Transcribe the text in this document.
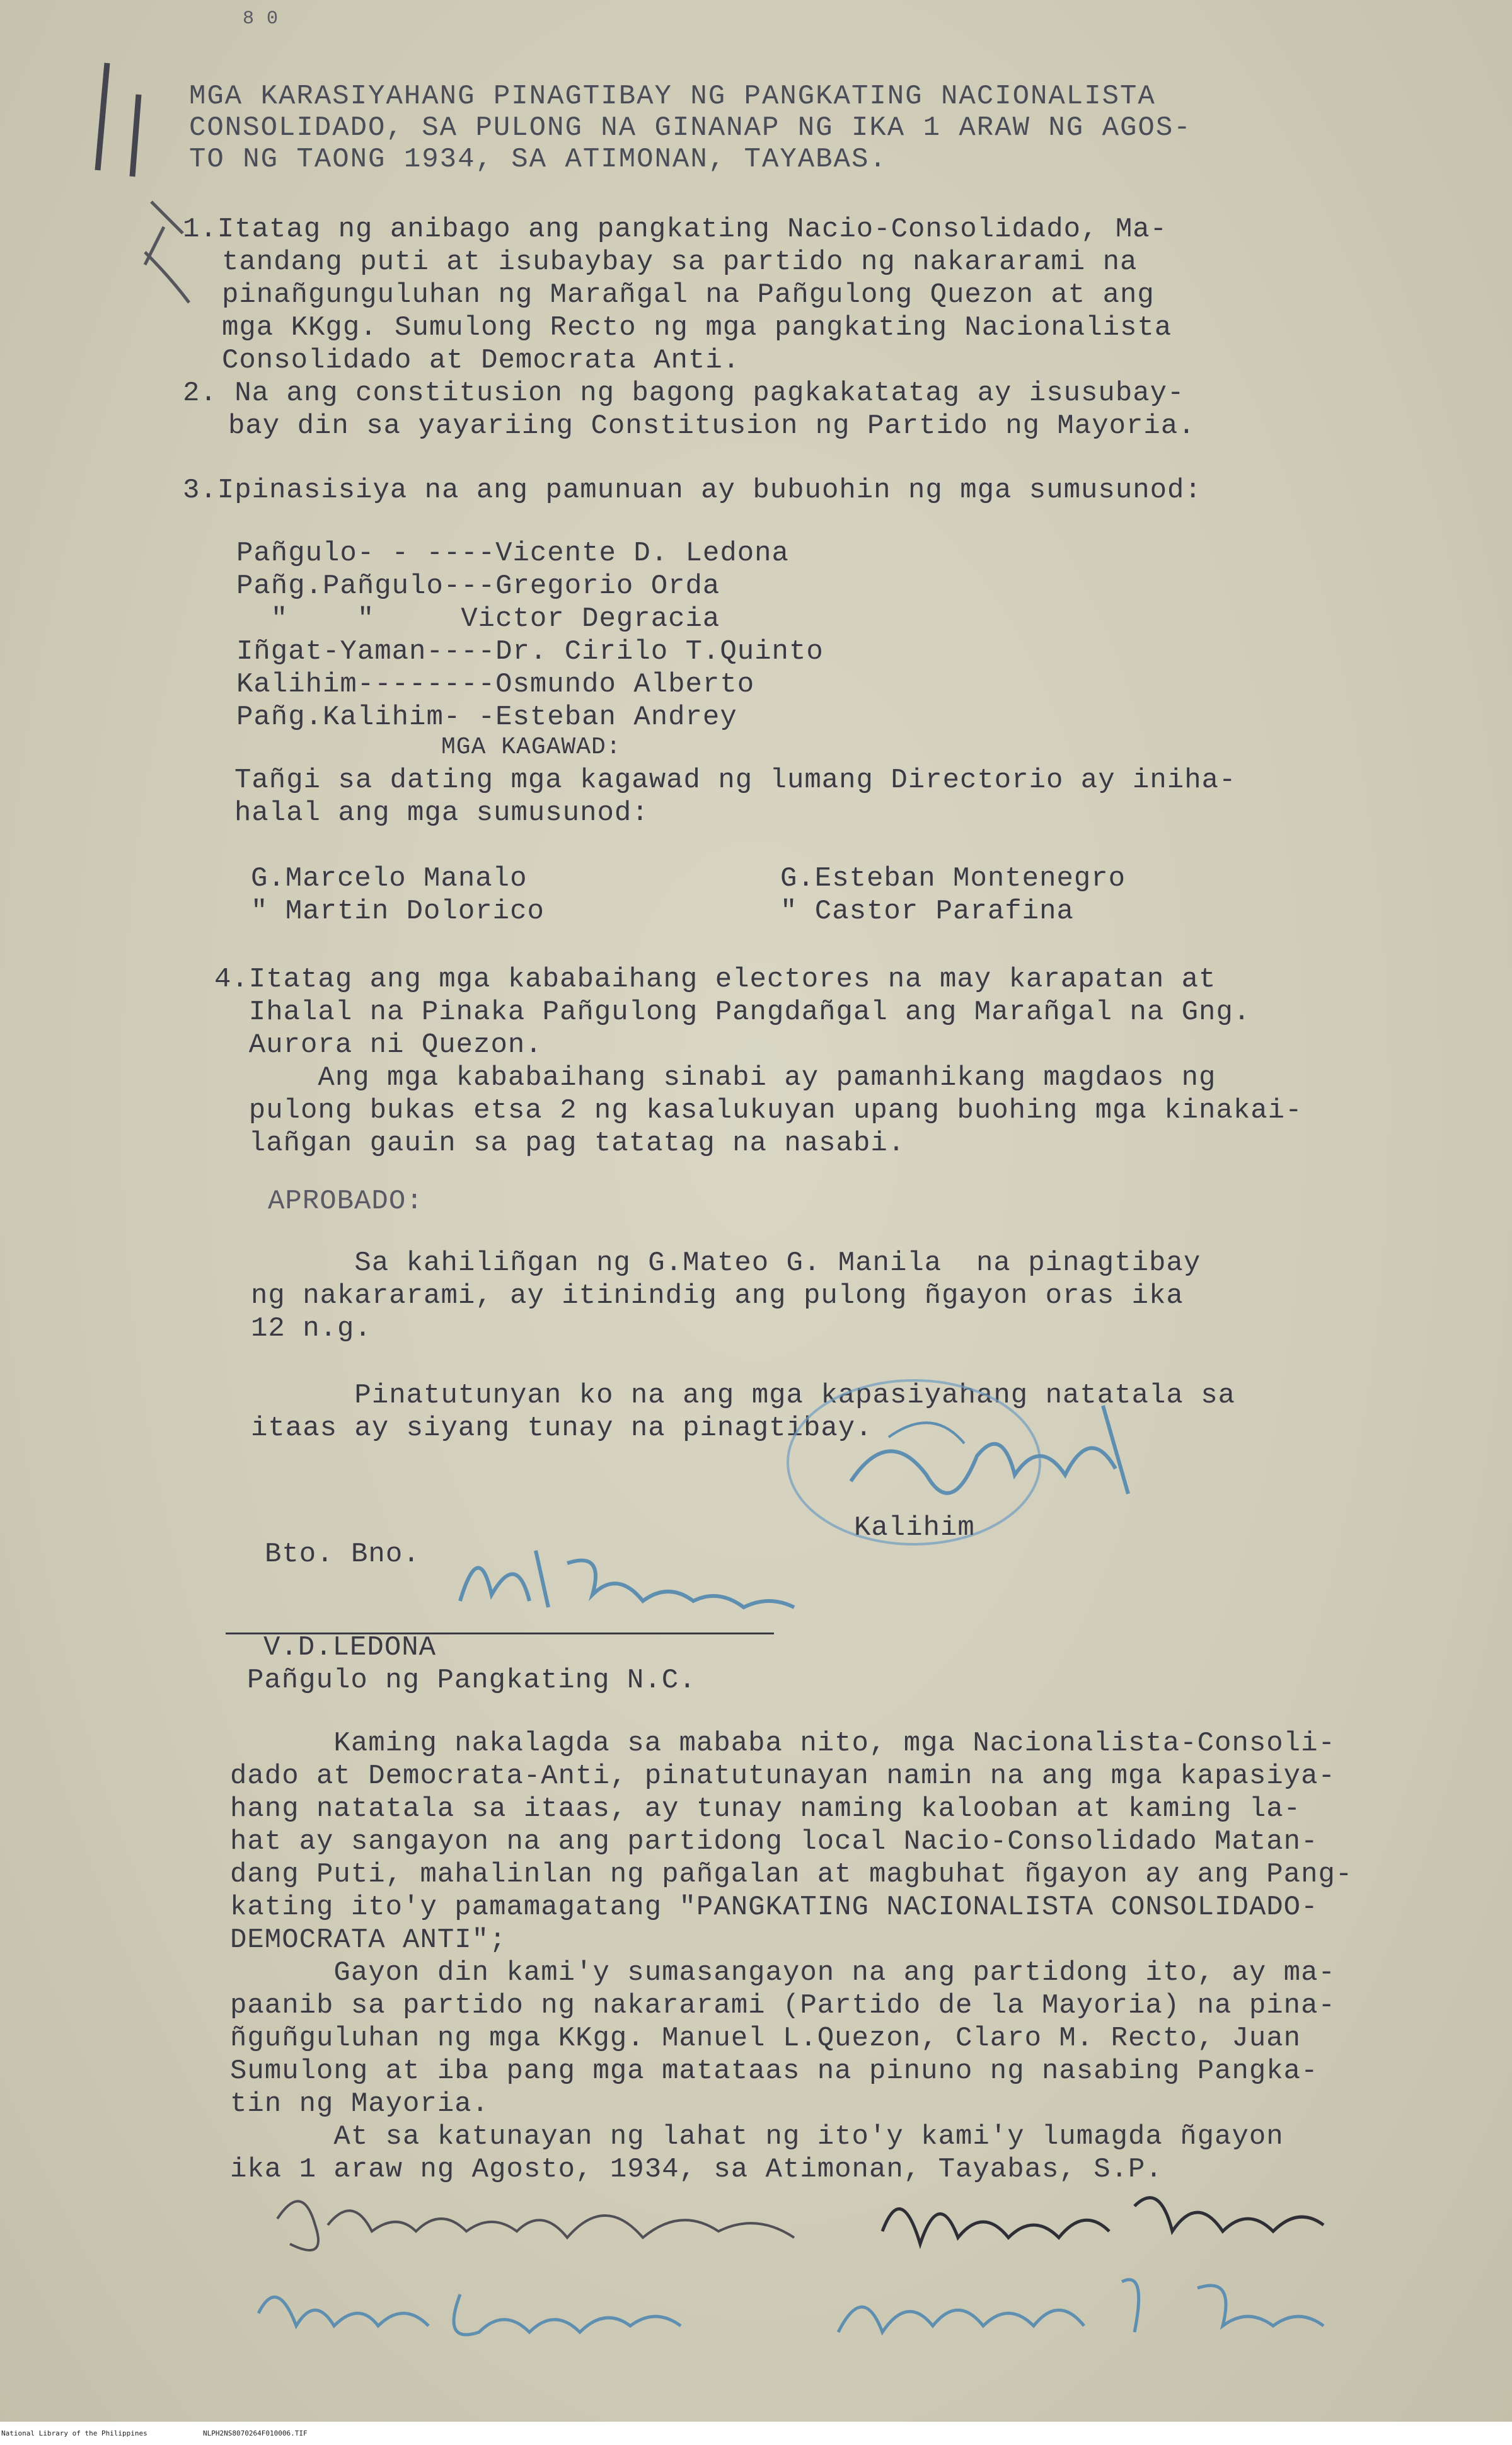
8 0
MGA KARASIYAHANG PINAGTIBAY NG PANGKATING NACIONALISTA
CONSOLIDADO, SA PULONG NA GINANAP NG IKA 1 ARAW NG AGOS-
TO NG TAONG 1934, SA ATIMONAN, TAYABAS.
1.Itatag ng anibago ang pangkating Nacio-Consolidado, Ma-
tandang puti at isubaybay sa partido ng nakararami na
pinañgunguluhan ng Marañgal na Pañgulong Quezon at ang
mga KKgg. Sumulong Recto ng mga pangkating Nacionalista
Consolidado at Democrata Anti.
2. Na ang constitusion ng bagong pagkakatatag ay isusubay-
bay din sa yayariing Constitusion ng Partido ng Mayoria.
3.Ipinasisiya na ang pamunuan ay bubuohin ng mga sumusunod:
Pañgulo- - ----Vicente D. Ledona
Pañg.Pañgulo---Gregorio Orda
"    "     Victor Degracia
Iñgat-Yaman----Dr. Cirilo T.Quinto
Kalihim--------Osmundo Alberto
Pañg.Kalihim- -Esteban Andrey
MGA KAGAWAD:
Tañgi sa dating mga kagawad ng lumang Directorio ay iniha-
halal ang mga sumusunod:
G.Marcelo Manalo
" Martin Dolorico
G.Esteban Montenegro
" Castor Parafina
4.Itatag ang mga kababaihang electores na may karapatan at
Ihalal na Pinaka Pañgulong Pangdañgal ang Marañgal na Gng.
Aurora ni Quezon.
Ang mga kababaihang sinabi ay pamanhikang magdaos ng
pulong bukas etsa 2 ng kasalukuyan upang buohing mga kinakai-
lañgan gauin sa pag tatatag na nasabi.
APROBADO:
Sa kahiliñgan ng G.Mateo G. Manila  na pinagtibay
ng nakararami, ay itinindig ang pulong ñgayon oras ika
12 n.g.
Pinatutunyan ko na ang mga kapasiyahang natatala sa
itaas ay siyang tunay na pinagtibay.
Kalihim
Bto. Bno.
V.D.LEDONA
Pañgulo ng Pangkating N.C.
Kaming nakalagda sa mababa nito, mga Nacionalista-Consoli-
dado at Democrata-Anti, pinatutunayan namin na ang mga kapasiya-
hang natatala sa itaas, ay tunay naming kalooban at kaming la-
hat ay sangayon na ang partidong local Nacio-Consolidado Matan-
dang Puti, mahalinlan ng pañgalan at magbuhat ñgayon ay ang Pang-
kating ito'y pamamagatang "PANGKATING NACIONALISTA CONSOLIDADO-
DEMOCRATA ANTI";
Gayon din kami'y sumasangayon na ang partidong ito, ay ma-
paanib sa partido ng nakararami (Partido de la Mayoria) na pina-
ñguñguluhan ng mga KKgg. Manuel L.Quezon, Claro M. Recto, Juan
Sumulong at iba pang mga matataas na pinuno ng nasabing Pangka-
tin ng Mayoria.
At sa katunayan ng lahat ng ito'y kami'y lumagda ñgayon
ika 1 araw ng Agosto, 1934, sa Atimonan, Tayabas, S.P.
National Library of the Philippines	NLPH2NS8070264F010006.TIF
